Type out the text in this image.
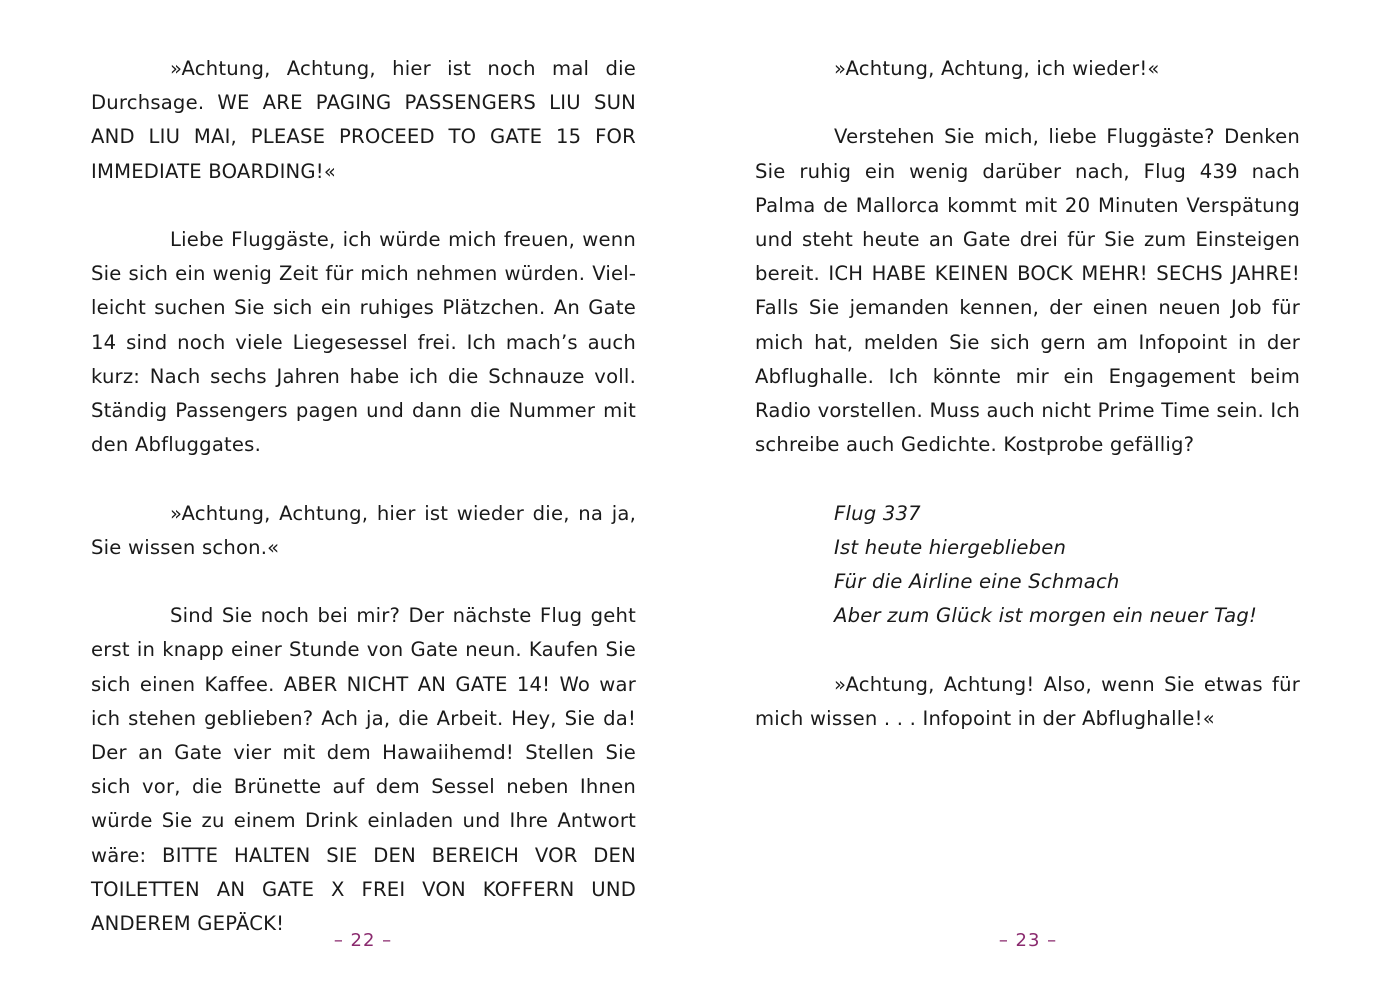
»Achtung, Achtung, hier ist noch mal die Durchsage. WE ARE PAGING PASSENGERS LIU SUN AND LIU MAI, PLEASE PROCEED TO GATE 15 FOR IMMEDIATE BOARDING!«

Liebe Fluggäste, ich würde mich freuen, wenn Sie sich ein wenig Zeit für mich nehmen würden. Vielleicht suchen Sie sich ein ruhiges Plätzchen. An Gate 14 sind noch viele Liegesessel frei. Ich mach’s auch kurz: Nach sechs Jahren habe ich die Schnauze voll. Ständig Passengers pagen und dann die Nummer mit den Abfluggates.

»Achtung, Achtung, hier ist wieder die, na ja, Sie wissen schon.«

Sind Sie noch bei mir? Der nächste Flug geht erst in knapp einer Stunde von Gate neun. Kaufen Sie sich einen Kaffee. ABER NICHT AN GATE 14! Wo war ich stehen geblieben? Ach ja, die Arbeit. Hey, Sie da! Der an Gate vier mit dem Hawaiihemd! Stellen Sie sich vor, die Brünette auf dem Sessel neben Ihnen würde Sie zu einem Drink einladen und Ihre Antwort wäre: BITTE HALTEN SIE DEN BEREICH VOR DEN TOILETTEN AN GATE X FREI VON KOFFERN UND ANDEREM GEPÄCK!

»Achtung, Achtung, ich wieder!«

Verstehen Sie mich, liebe Fluggäste? Denken Sie ruhig ein wenig darüber nach, Flug 439 nach Palma de Mallorca kommt mit 20 Minuten Verspätung und steht heute an Gate drei für Sie zum Einsteigen bereit. ICH HABE KEINEN BOCK MEHR! SECHS JAHRE! Falls Sie jemanden kennen, der einen neuen Job für mich hat, melden Sie sich gern am Infopoint in der Abflughalle. Ich könnte mir ein Engagement beim Radio vorstellen. Muss auch nicht Prime Time sein. Ich schreibe auch Gedichte. Kostprobe gefällig?

Flug 337
Ist heute hiergeblieben
Für die Airline eine Schmach
Aber zum Glück ist morgen ein neuer Tag!

»Achtung, Achtung! Also, wenn Sie etwas für mich wissen . . . Infopoint in der Abflughalle!«

– 22 –	– 23 –
